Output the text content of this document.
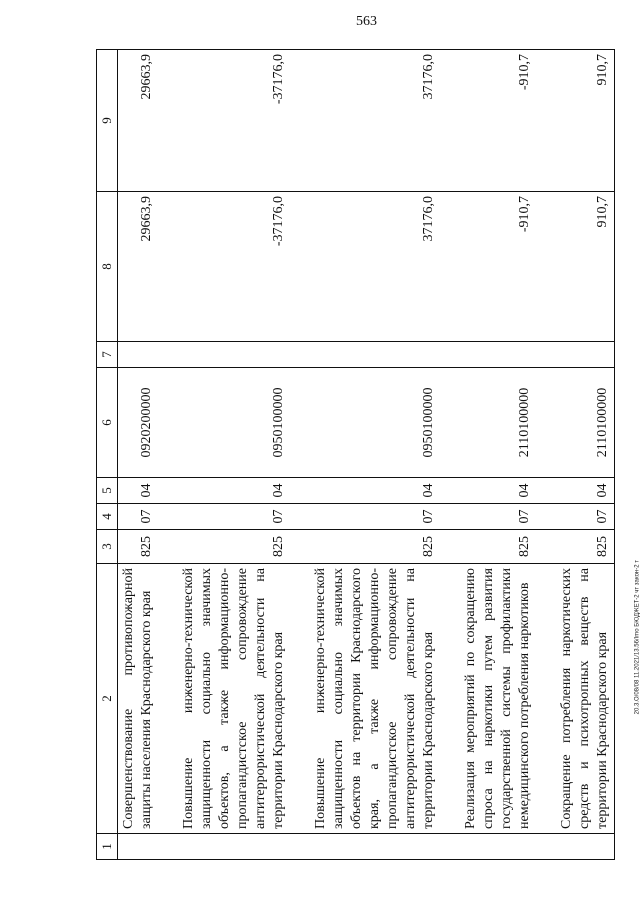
563
1	2	3	4	5	6	7	8	9
	Совершенствование противопожарной защиты населения Краснодарского края	825	07	04	0920200000		29663,9	29663,9

	Повышение инженерно-технической защищенности социально значимых объектов, а также информационно-пропагандистское сопровождение антитеррористической деятельности на территории Краснодарского края	825	07	04	0950100000		-37176,0	-37176,0

	Повышение инженерно-технической защищенности социально значимых объектов на территории Краснодарского края, а также информационно-пропагандистское сопровождение антитеррористической деятельности на территории Краснодарского края	825	07	04	0950100000		37176,0	37176,0

	Реализация мероприятий по сокращению спроса на наркотики путем развития государственной системы профилактики немедицинского потребления наркотиков	825	07	04	2110100000		-910,7	-910,7

	Сокращение потребления наркотических средств и психотропных веществ на территории Краснодарского края	825	07	04	2110100000		910,7	910,7
20.3.O/08/08 11.2021/13.56/Imo БЮДЖЕТ-2 чт закон-2 т
